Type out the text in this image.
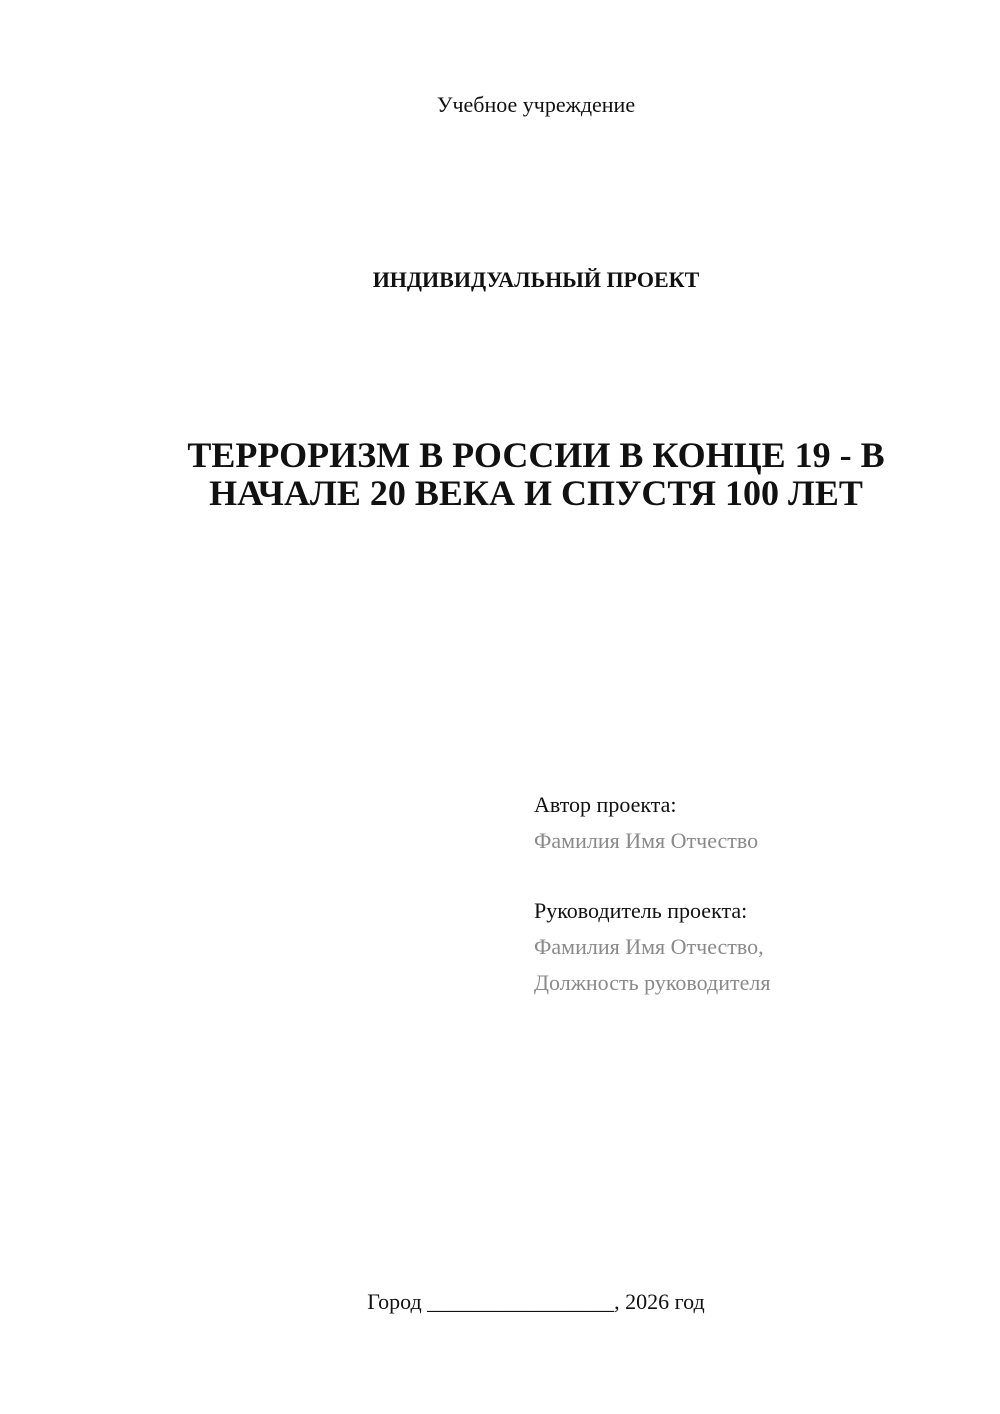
Учебное учреждение
ИНДИВИДУАЛЬНЫЙ ПРОЕКТ
ТЕРРОРИЗМ В РОССИИ В КОНЦЕ 19 - В
НАЧАЛЕ 20 ВЕКА И СПУСТЯ 100 ЛЕТ
Автор проекта:
Фамилия Имя Отчество
Руководитель проекта:
Фамилия Имя Отчество,
Должность руководителя
Город _________________, 2026 год
